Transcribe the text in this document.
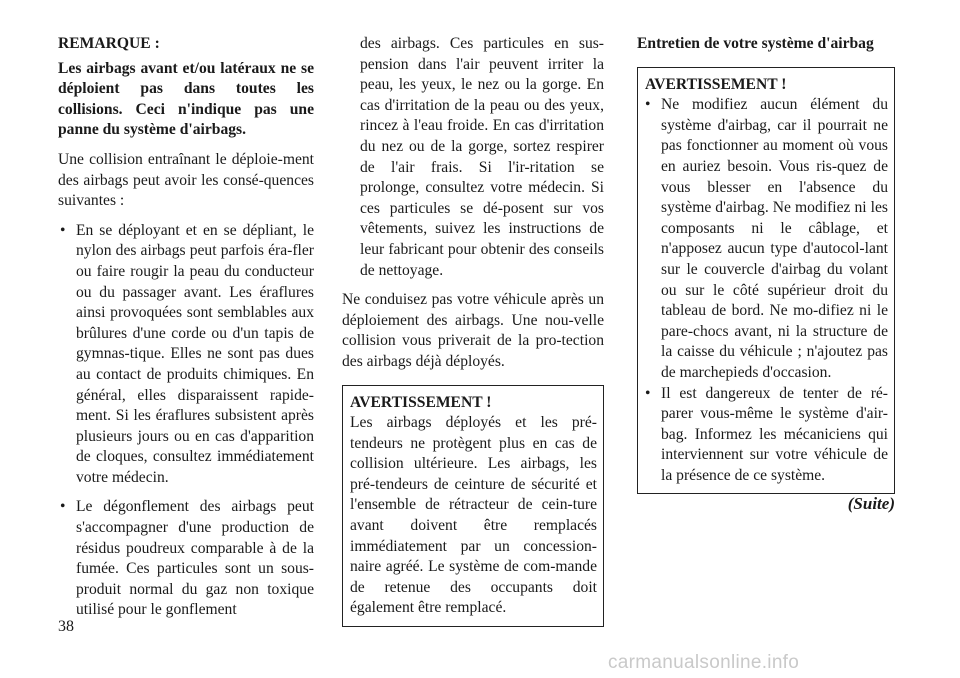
REMARQUE :

Les airbags avant et/ou latéraux ne se déploient pas dans toutes les collisions. Ceci n'indique pas une panne du système d'airbags.

Une collision entraînant le déploie-ment des airbags peut avoir les consé-quences suivantes :

• En se déployant et en se dépliant, le nylon des airbags peut parfois éra-fler ou faire rougir la peau du conducteur ou du passager avant. Les éraflures ainsi provoquées sont semblables aux brûlures d'une corde ou d'un tapis de gymnas-tique. Elles ne sont pas dues au contact de produits chimiques. En général, elles disparaissent rapide-ment. Si les éraflures subsistent après plusieurs jours ou en cas d'apparition de cloques, consultez immédiatement votre médecin.
• Le dégonflement des airbags peut s'accompagner d'une production de résidus poudreux comparable à de la fumée. Ces particules sont un sous-produit normal du gaz non toxique utilisé pour le gonflement
des airbags. Ces particules en sus-pension dans l'air peuvent irriter la peau, les yeux, le nez ou la gorge. En cas d'irritation de la peau ou des yeux, rincez à l'eau froide. En cas d'irritation du nez ou de la gorge, sortez respirer de l'air frais. Si l'ir-ritation se prolonge, consultez votre médecin. Si ces particules se dé-posent sur vos vêtements, suivez les instructions de leur fabricant pour obtenir des conseils de nettoyage.

Ne conduisez pas votre véhicule après un déploiement des airbags. Une nou-velle collision vous priverait de la pro-tection des airbags déjà déployés.

AVERTISSEMENT !
Les airbags déployés et les pré-tendeurs ne protègent plus en cas de collision ultérieure. Les airbags, les pré-tendeurs de ceinture de sécurité et l'ensemble de rétracteur de cein-ture avant doivent être remplacés immédiatement par un concession-naire agréé. Le système de com-mande de retenue des occupants doit également être remplacé.

Entretien de votre système d'airbag

AVERTISSEMENT !
• Ne modifiez aucun élément du système d'airbag, car il pourrait ne pas fonctionner au moment où vous en auriez besoin. Vous ris-quez de vous blesser en l'absence du système d'airbag. Ne modifiez ni les composants ni le câblage, et n'apposez aucun type d'autocol-lant sur le couvercle d'airbag du volant ou sur le côté supérieur droit du tableau de bord. Ne mo-difiez ni le pare-chocs avant, ni la structure de la caisse du véhicule ; n'ajoutez pas de marchepieds d'occasion.
• Il est dangereux de tenter de ré-parer vous-même le système d'air-bag. Informez les mécaniciens qui interviennent sur votre véhicule de la présence de ce système.
(Suite)
38
carmanualsonline.info
